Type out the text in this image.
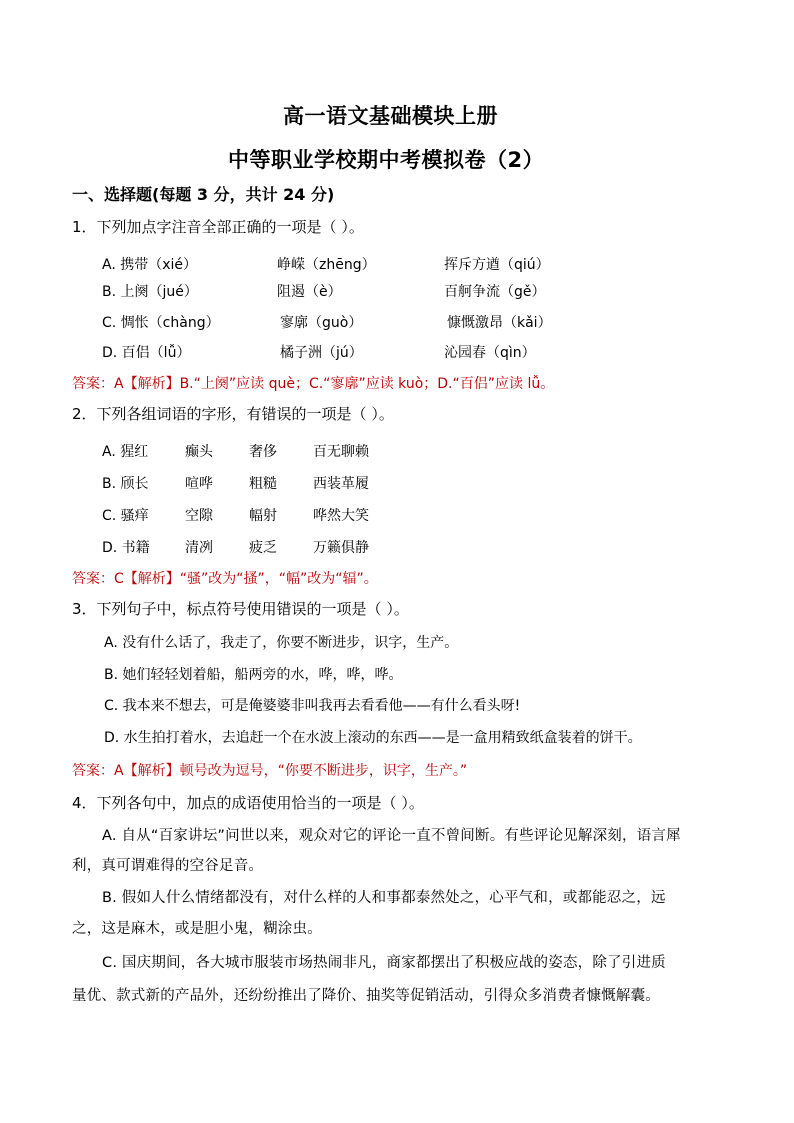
高一语文基础模块上册
中等职业学校期中考模拟卷（2）
一、选择题(每题 3 分，共计 24 分)
1．下列加点字注音全部正确的一项是（ ）。
A. 携带（xié）	峥嵘（zhēng）	挥斥方遒（qiú）
B. 上阕（jué）	阻遏（è）	百舸争流（gě）
C. 惆怅（chàng）	寥廓（guò）	慷慨激昂（kǎi）
D. 百侣（lǚ）	橘子洲（jú）	沁园春（qìn）
答案：A【解析】B.“上阕”应读 què；C.“寥廓”应读 kuò；D.“百侣”应读 lǚ。
2．下列各组词语的字形，有错误的一项是（ ）。
A. 猩红	癫头	奢侈	百无聊赖
B. 颀长	喧哗	粗糙	西装革履
C. 骚痒	空隙	幅射	哗然大笑
D. 书籍	清冽	疲乏	万籁俱静
答案：C【解析】“骚”改为“搔”，“幅”改为“辐”。
3．下列句子中，标点符号使用错误的一项是（ ）。
A. 没有什么话了，我走了，你要不断进步，识字，生产。
B. 她们轻轻划着船，船两旁的水，哗，哗，哗。
C. 我本来不想去，可是俺婆婆非叫我再去看看他——有什么看头呀!
D. 水生拍打着水，去追赶一个在水波上滚动的东西——是一盒用精致纸盒装着的饼干。
答案：A【解析】顿号改为逗号，“你要不断进步，识字，生产。”
4．下列各句中，加点的成语使用恰当的一项是（ ）。
A. 自从“百家讲坛”问世以来，观众对它的评论一直不曾间断。有些评论见解深刻，语言犀
利，真可谓难得的空谷足音。
B. 假如人什么情绪都没有，对什么样的人和事都泰然处之，心平气和，或都能忍之，远
之，这是麻木，或是胆小鬼，糊涂虫。
C. 国庆期间，各大城市服装市场热闹非凡，商家都摆出了积极应战的姿态，除了引进质
量优、款式新的产品外，还纷纷推出了降价、抽奖等促销活动，引得众多消费者慷慨解囊。
